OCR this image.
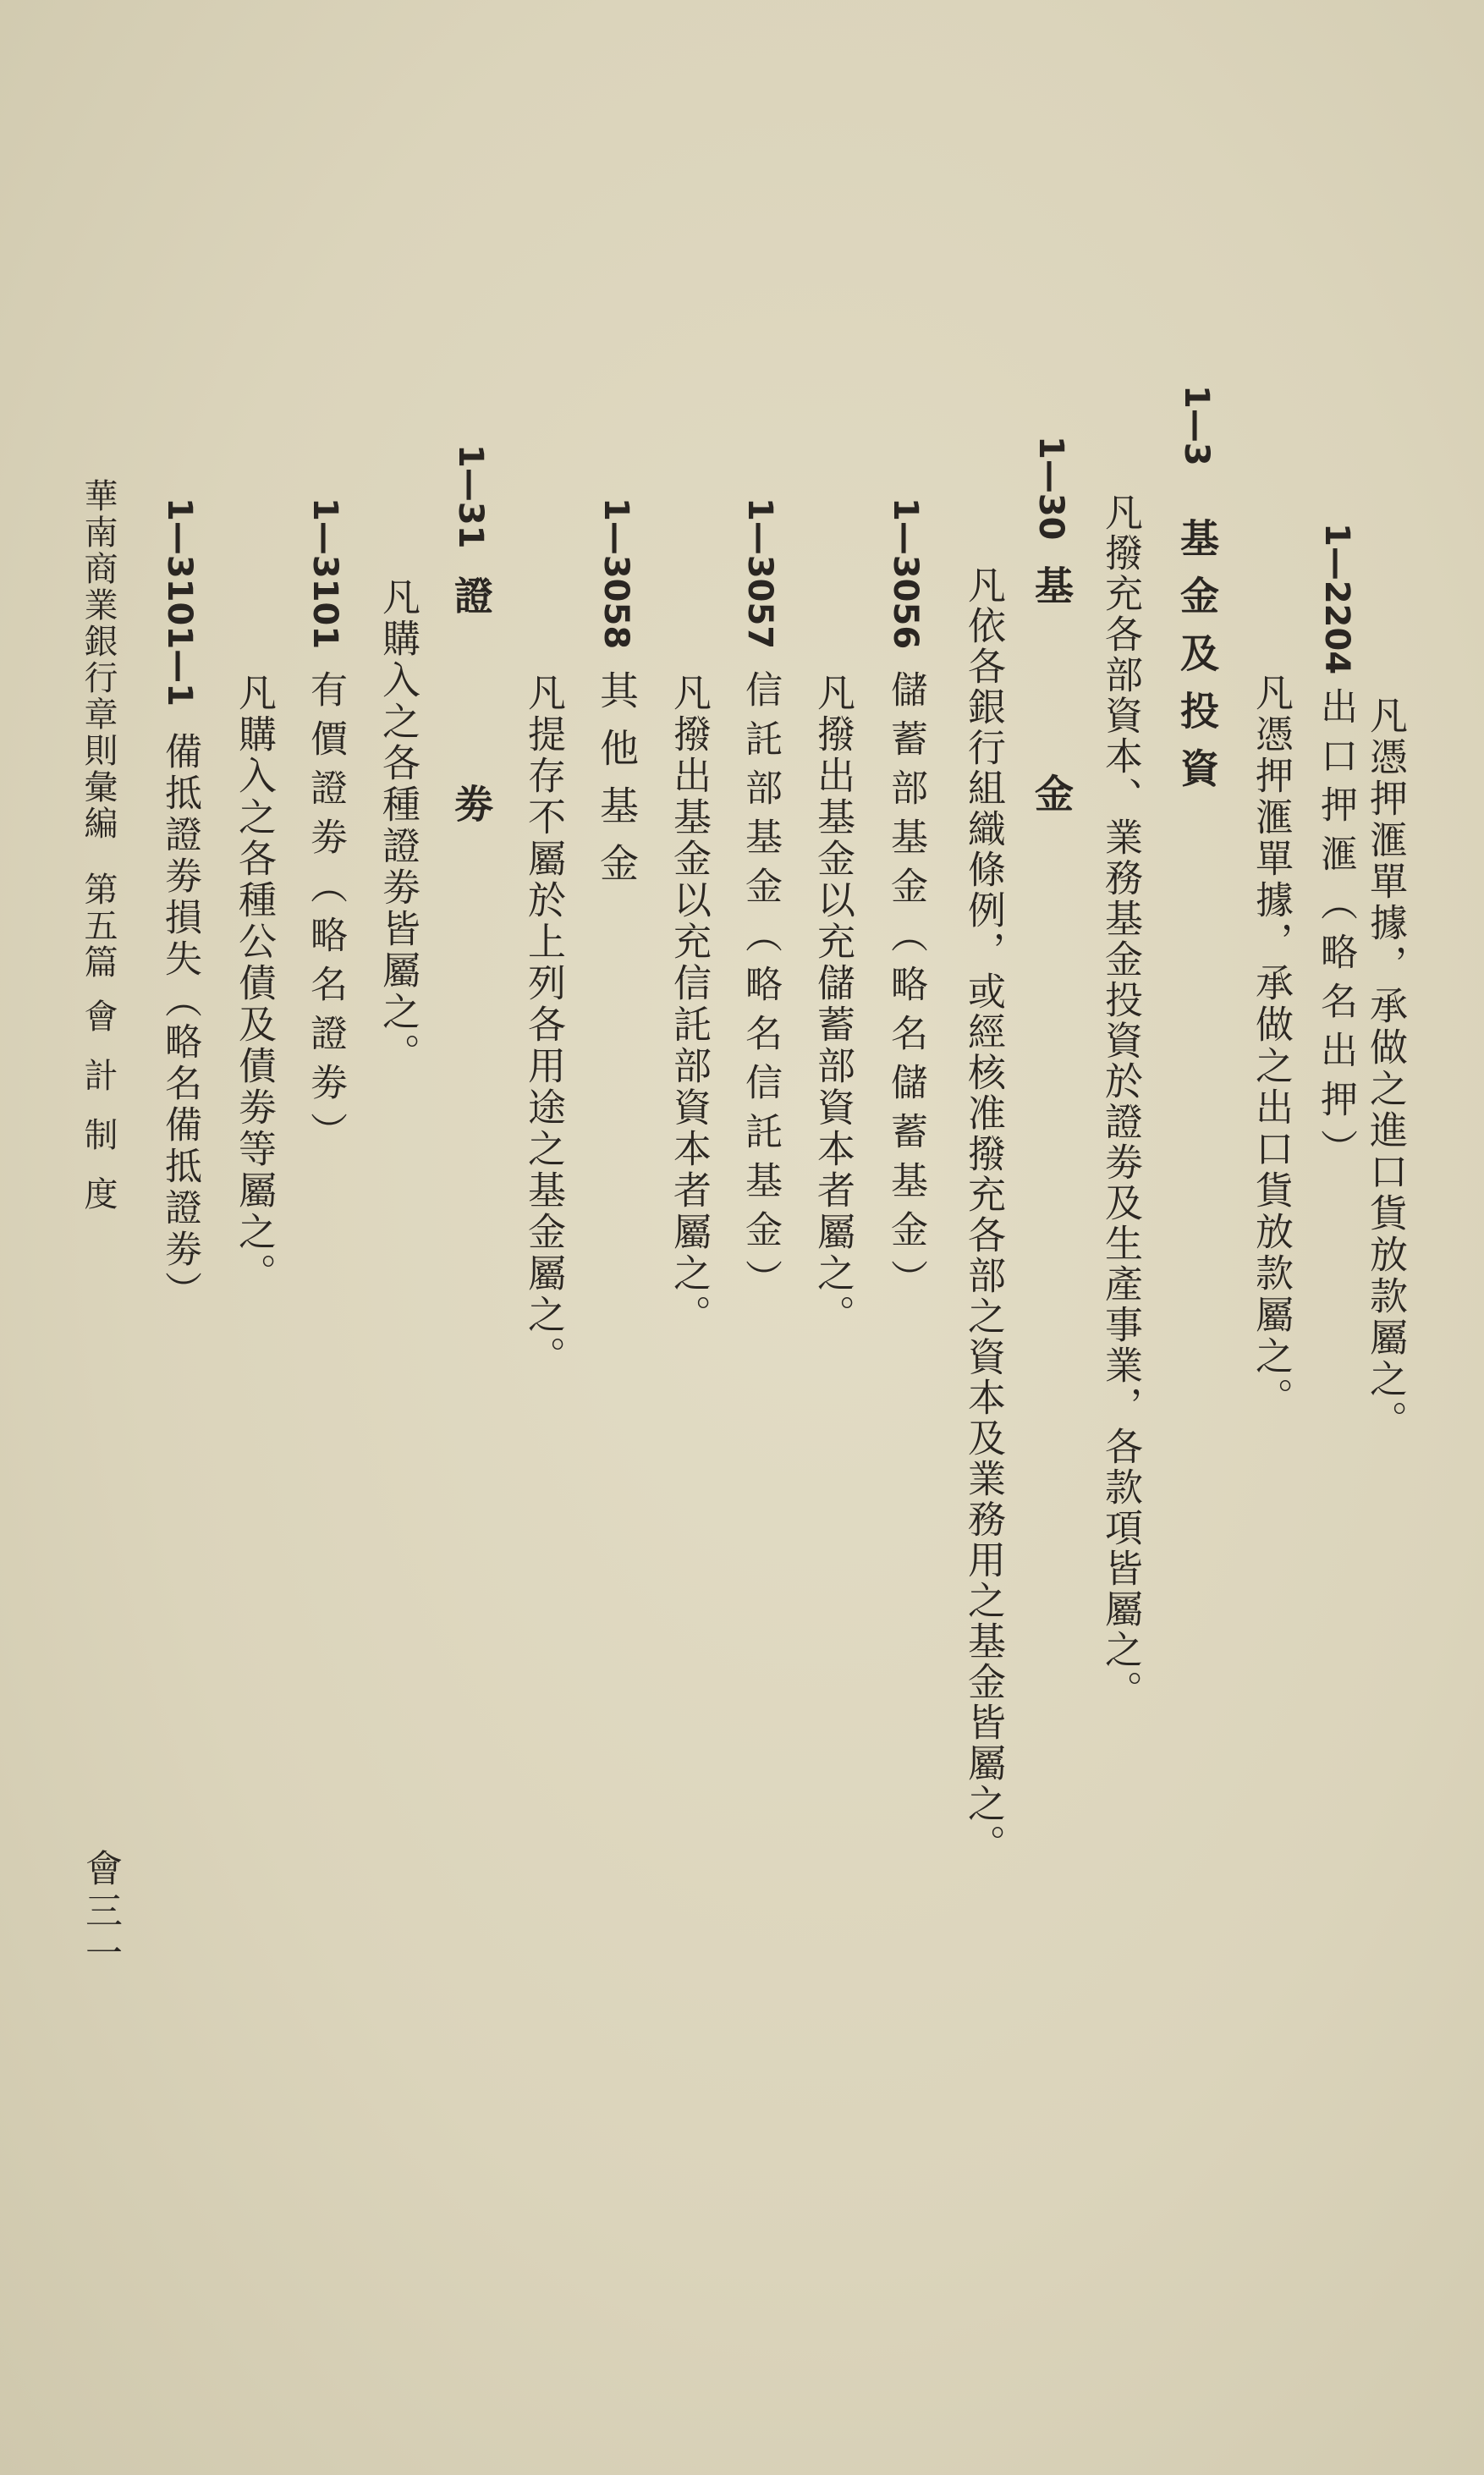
凡憑押滙單據，承做之進口貨放款屬之。
1—2204
出口押滙（略名出押）
凡憑押滙單據，承做之出口貨放款屬之。
1—3
基金及投資
凡撥充各部資本、業務基金投資於證劵及生產事業，各款項皆屬之。
1—30
基金
凡依各銀行組織條例，或經核准撥充各部之資本及業務用之基金皆屬之。
1—3056
儲蓄部基金（略名儲蓄基金）
凡撥出基金以充儲蓄部資本者屬之。
1—3057
信託部基金（略名信託基金）
凡撥出基金以充信託部資本者屬之。
1—3058
其他基金
凡提存不屬於上列各用途之基金屬之。
1—31
證劵
凡購入之各種證劵皆屬之。
1—3101
有價證劵（略名證劵）
凡購入之各種公債及債劵等屬之。
1—3101—1
備抵證劵損失（略名備抵證劵）
華南商業銀行章則彙編
第五篇
會計制度
會三一
